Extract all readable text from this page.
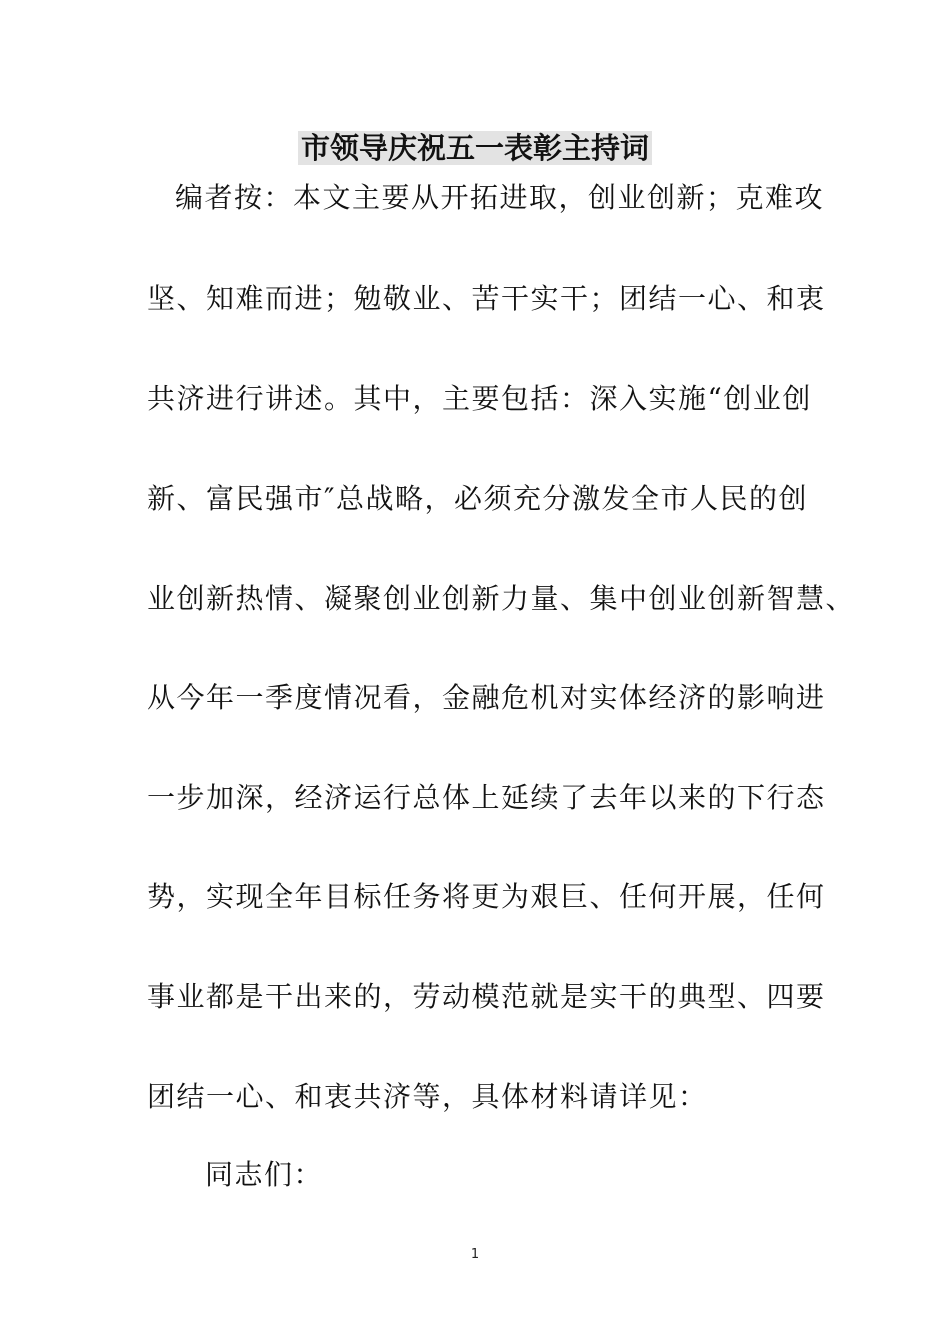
市领导庆祝五一表彰主持词

编者按：本文主要从开拓进取，创业创新；克难攻

坚、知难而进；勉敬业、苦干实干；团结一心、和衷

共济进行讲述。其中，主要包括：深入实施“创业创

新、富民强市″总战略，必须充分激发全市人民的创

业创新热情、凝聚创业创新力量、集中创业创新智慧、

从今年一季度情况看，金融危机对实体经济的影响进

一步加深，经济运行总体上延续了去年以来的下行态

势，实现全年目标任务将更为艰巨、任何开展，任何

事业都是干出来的，劳动模范就是实干的典型、四要

团结一心、和衷共济等，具体材料请详见：

同志们：

1
